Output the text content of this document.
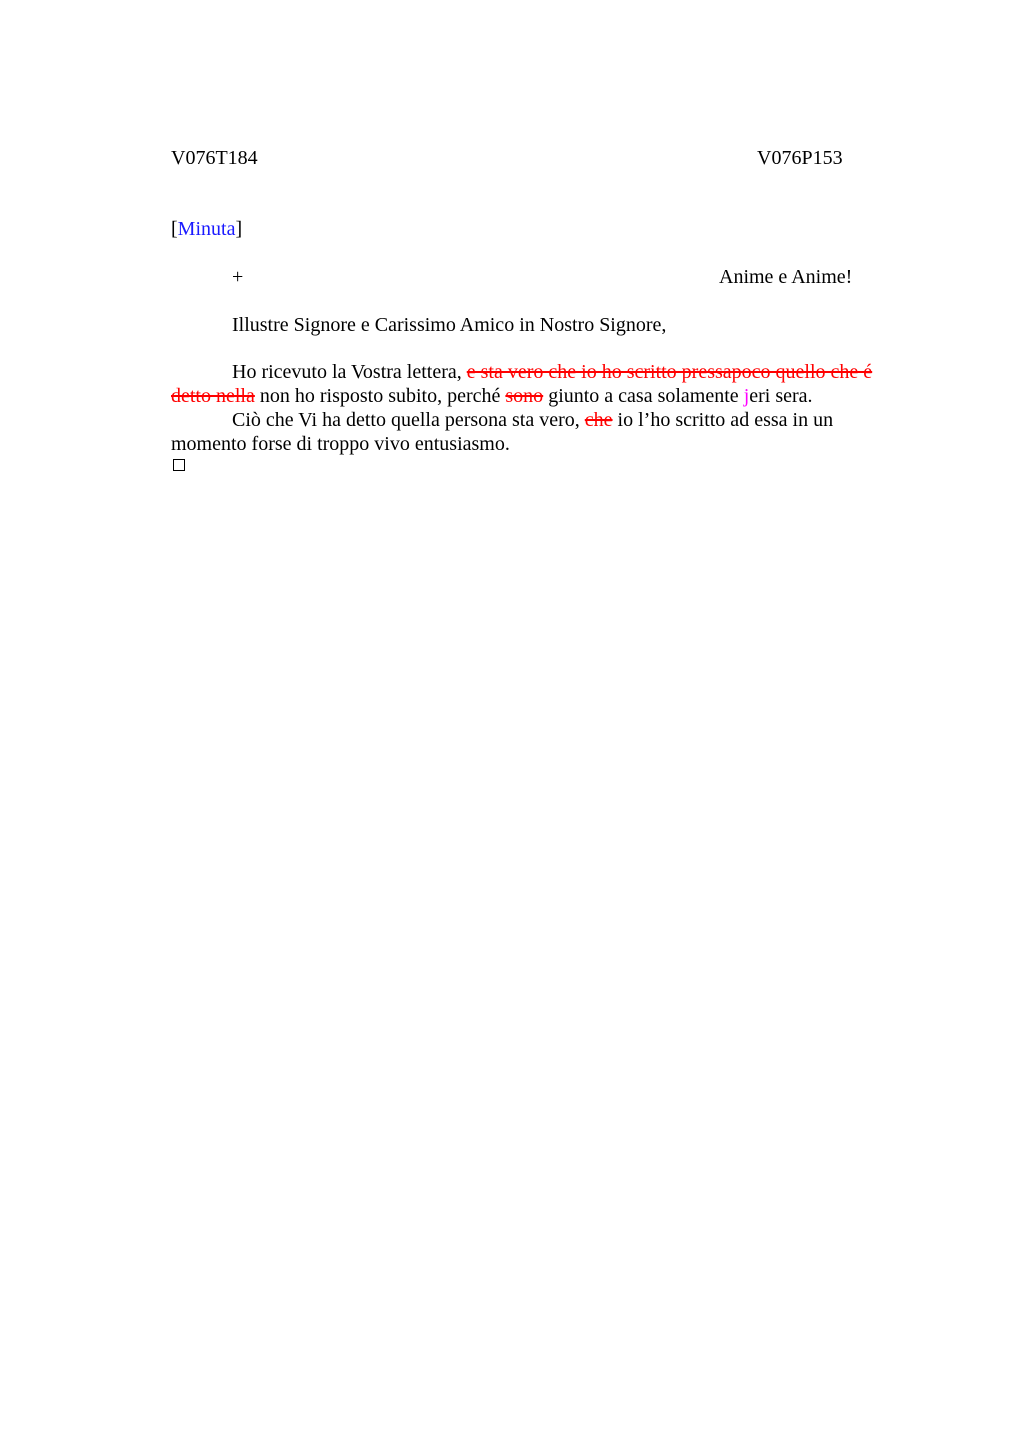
V076T184	V076P153
[Minuta]
+	Anime e Anime!
Illustre Signore e Carissimo Amico in Nostro Signore,

Ho ricevuto la Vostra lettera, e sta vero che io ho scritto pressapoco quello che é

detto nella non ho risposto subito, perché sono giunto a casa solamente jeri sera.

Ciò che Vi ha detto quella persona sta vero, che io l’ho scritto ad essa in un

momento forse di troppo vivo entusiasmo.
